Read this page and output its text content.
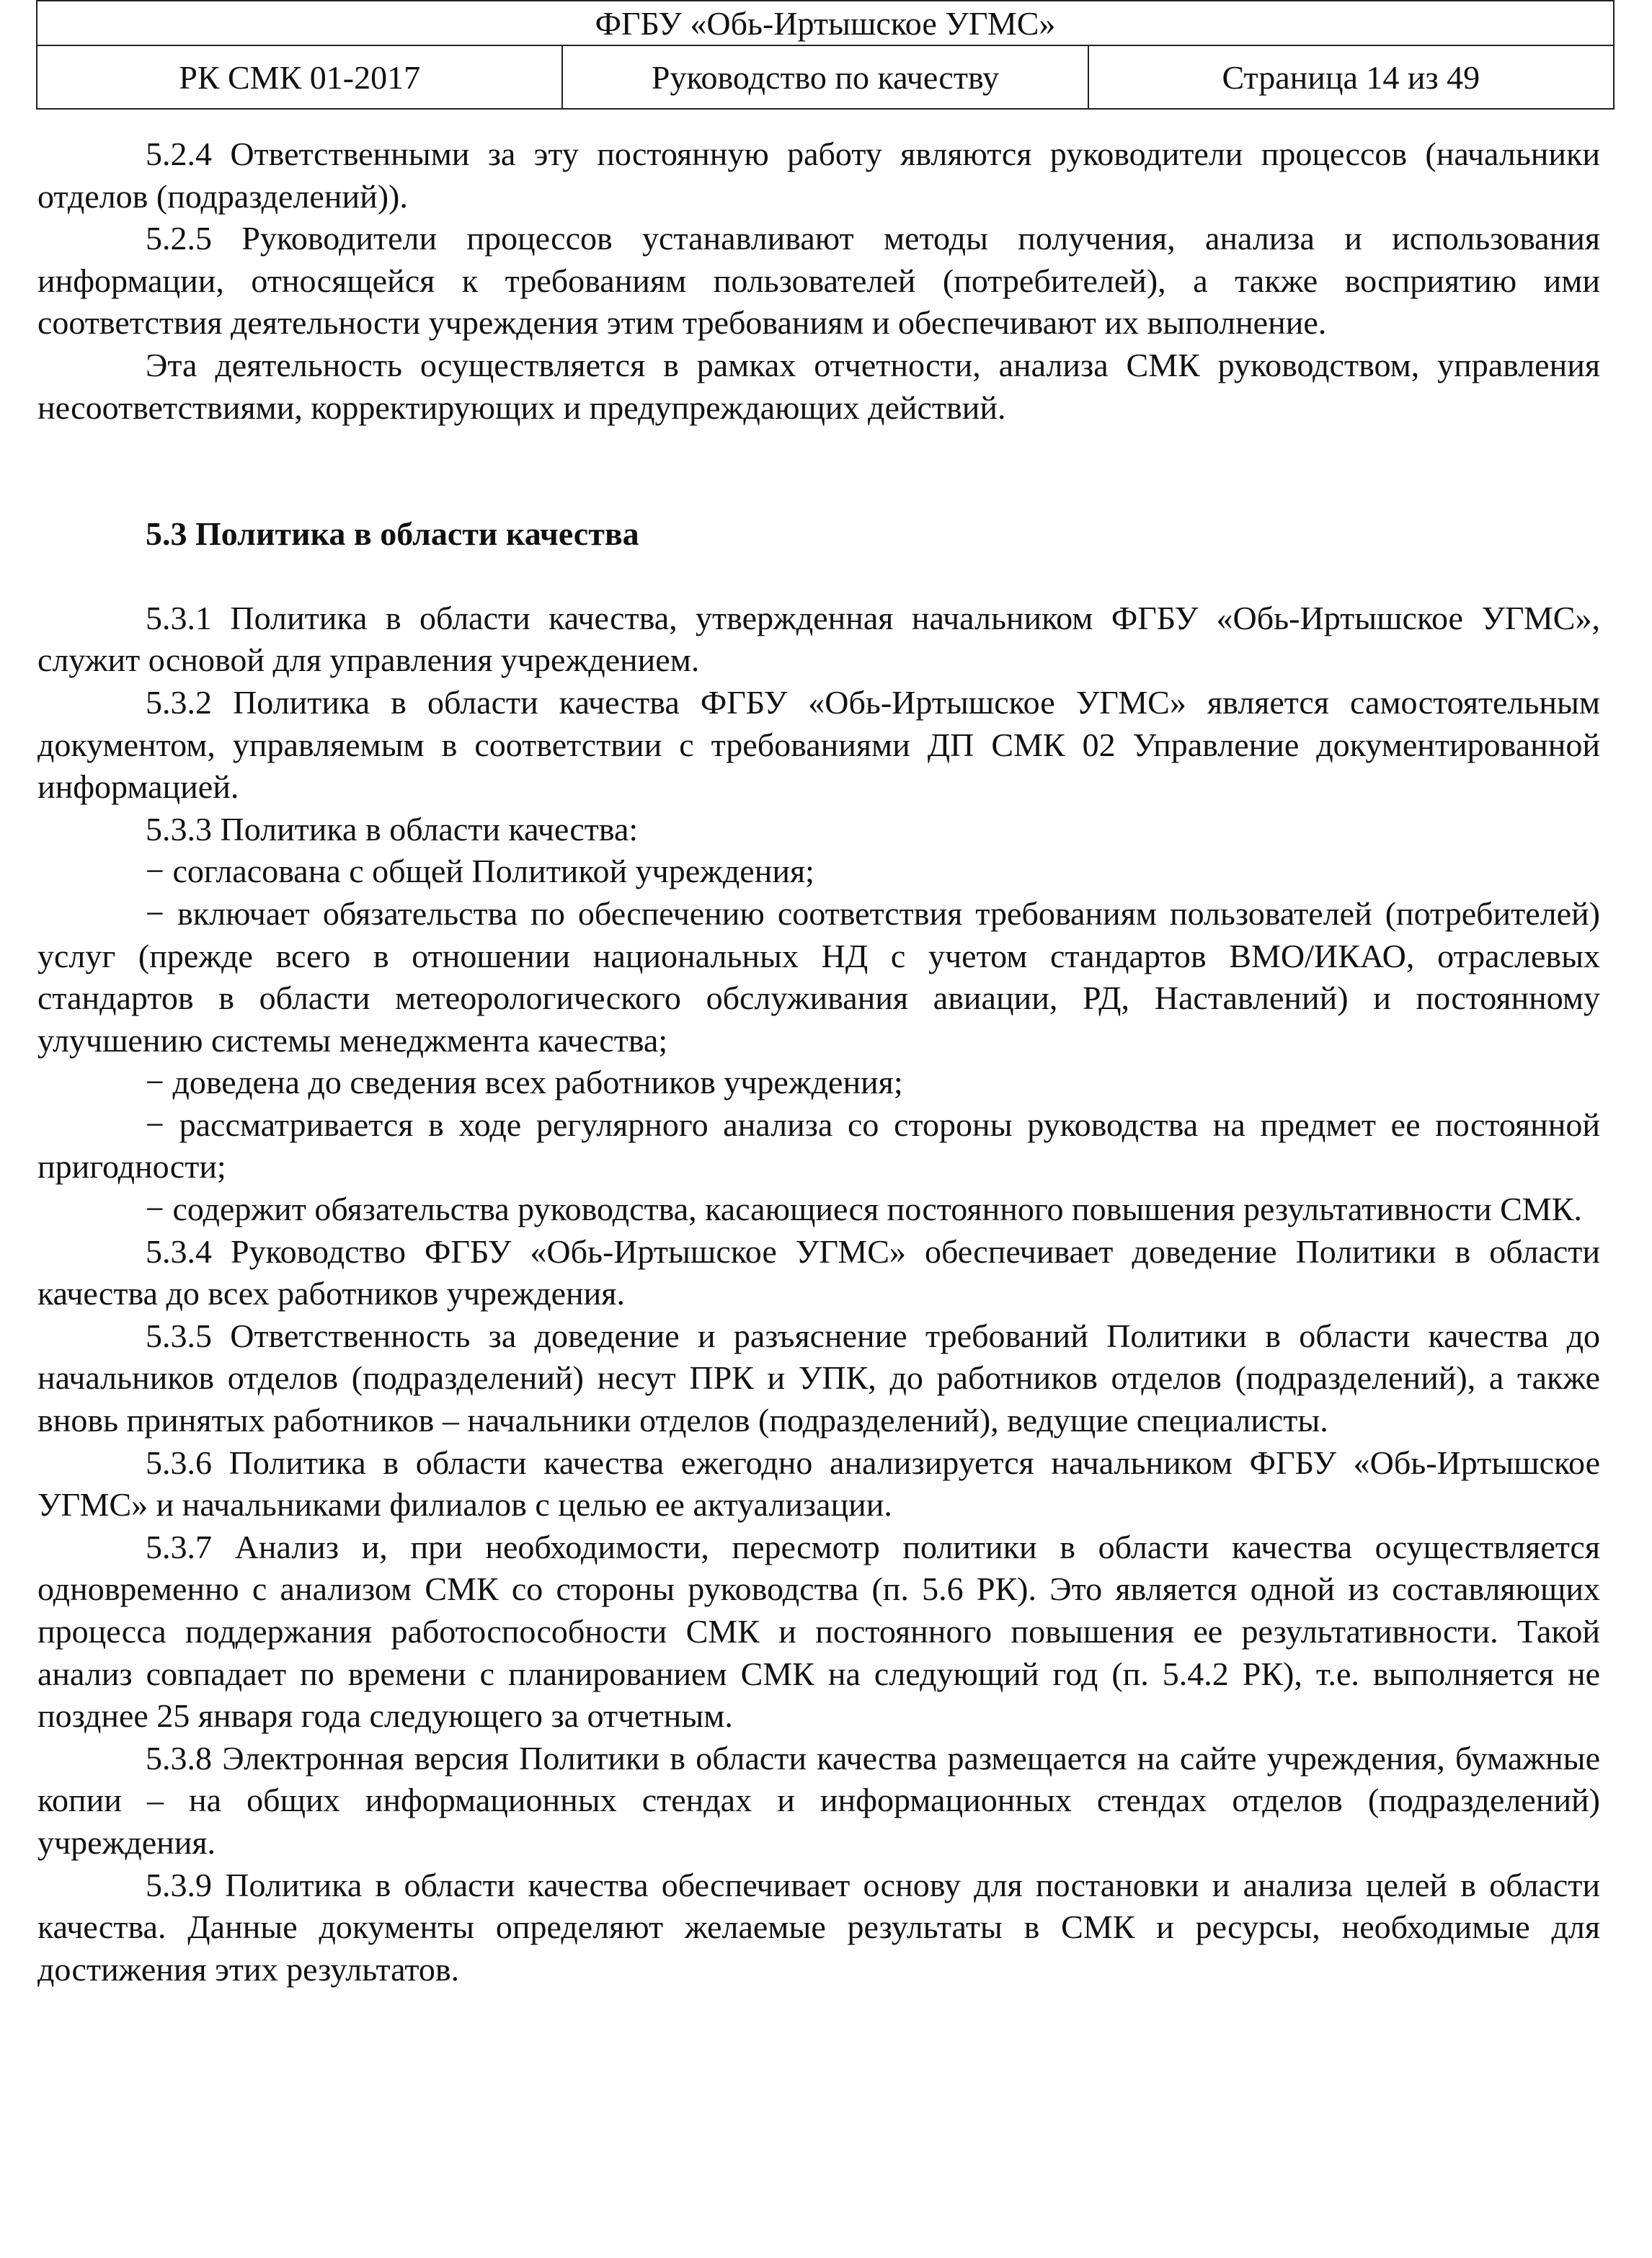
ФГБУ «Обь-Иртышское УГМС»
РК СМК 01-2017	Руководство по качеству	Страница 14 из 49

5.2.4 Ответственными за эту постоянную работу являются руководители процессов (начальники отделов (подразделений)).

5.2.5 Руководители процессов устанавливают методы получения, анализа и использования информации, относящейся к требованиям пользователей (потребителей), а также восприятию ими соответствия деятельности учреждения этим требованиям и обеспечивают их выполнение.

Эта деятельность осуществляется в рамках отчетности, анализа СМК руководством, управления несоответствиями, корректирующих и предупреждающих действий.

5.3 Политика в области качества

5.3.1 Политика в области качества, утвержденная начальником ФГБУ «Обь-Иртышское УГМС», служит основой для управления учреждением.

5.3.2 Политика в области качества ФГБУ «Обь-Иртышское УГМС» является самостоятельным документом, управляемым в соответствии с требованиями ДП СМК 02 Управление документированной информацией.

5.3.3 Политика в области качества:

− согласована с общей Политикой учреждения;

− включает обязательства по обеспечению соответствия требованиям пользователей (потребителей) услуг (прежде всего в отношении национальных НД с учетом стандартов ВМО/ИКАО, отраслевых стандартов в области метеорологического обслуживания авиации, РД, Наставлений) и постоянному улучшению системы менеджмента качества;

− доведена до сведения всех работников учреждения;

− рассматривается в ходе регулярного анализа со стороны руководства на предмет ее постоянной пригодности;

− содержит обязательства руководства, касающиеся постоянного повышения результативности СМК.

5.3.4 Руководство ФГБУ «Обь-Иртышское УГМС» обеспечивает доведение Политики в области качества до всех работников учреждения.

5.3.5 Ответственность за доведение и разъяснение требований Политики в области качества до начальников отделов (подразделений) несут ПРК и УПК, до работников отделов (подразделений), а также вновь принятых работников – начальники отделов (подразделений), ведущие специалисты.

5.3.6 Политика в области качества ежегодно анализируется начальником ФГБУ «Обь-Иртышское УГМС» и начальниками филиалов с целью ее актуализации.

5.3.7 Анализ и, при необходимости, пересмотр политики в области качества осуществляется одновременно с анализом СМК со стороны руководства (п. 5.6 РК). Это является одной из составляющих процесса поддержания работоспособности СМК и постоянного повышения ее результативности. Такой анализ совпадает по времени с планированием СМК на следующий год (п. 5.4.2 РК), т.е. выполняется не позднее 25 января года следующего за отчетным.

5.3.8 Электронная версия Политики в области качества размещается на сайте учреждения, бумажные копии – на общих информационных стендах и информационных стендах отделов (подразделений) учреждения.

5.3.9 Политика в области качества обеспечивает основу для постановки и анализа целей в области качества. Данные документы определяют желаемые результаты в СМК и ресурсы, необходимые для достижения этих результатов.
